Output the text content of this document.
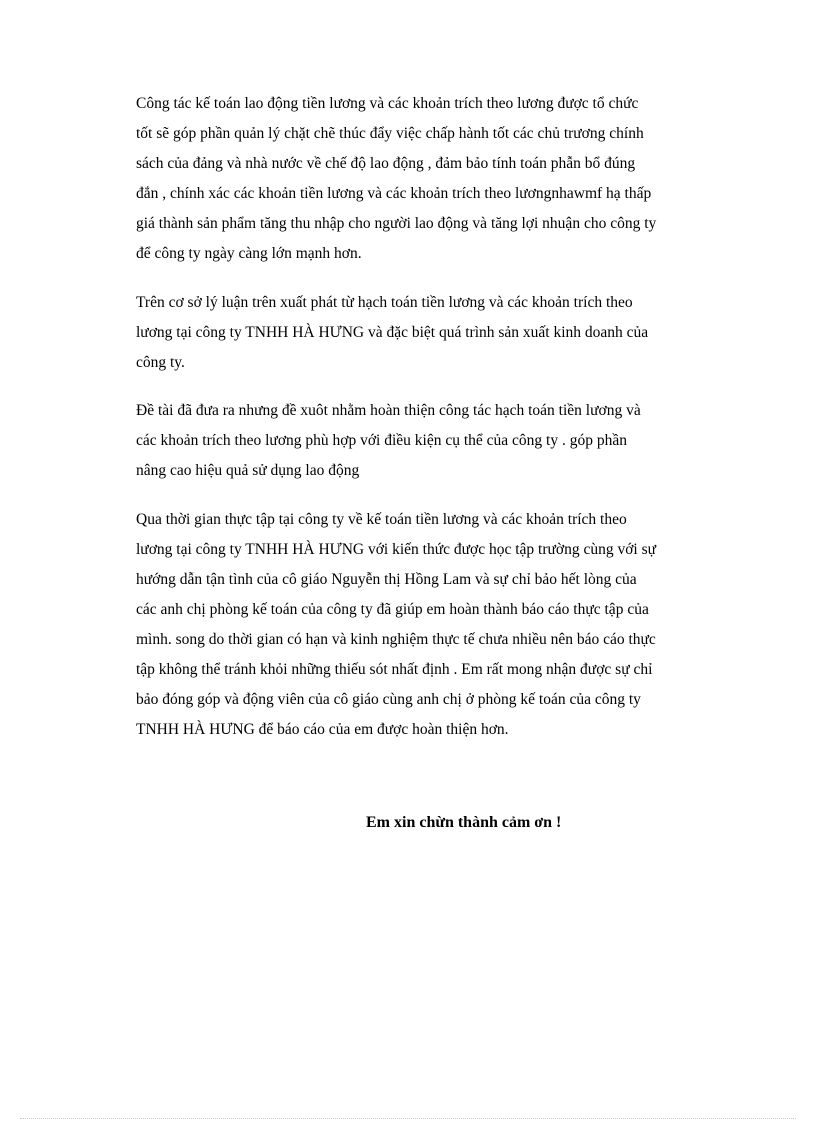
Công tác kế toán lao động tiền lương và các khoản trích theo lương được tổ chức
tốt sẽ góp phần quản lý chặt chẽ thúc đẩy việc chấp hành tốt các chủ trương chính
sách của đảng và nhà nước về chế độ lao động , đảm bảo tính toán phẫn bổ đúng
đắn , chính xác các khoản tiền lương và các khoản trích theo lươngnhawmf hạ thấp
giá thành sản phẩm tăng thu nhập cho người lao động và tăng lợi nhuận cho công ty
để công ty ngày càng lớn mạnh hơn.
Trên cơ sở lý luận trên xuất phát từ hạch toán tiền lương và các khoản trích theo
lương tại công ty TNHH HÀ HƯNG và đặc biệt quá trình sản xuất kinh doanh của
công ty.
Đề tài đã đưa ra nhưng đề xuôt nhằm hoàn thiện công tác hạch toán tiền lương và
các khoản trích theo lương phù hợp với điều kiện cụ thể của công ty . góp phần
nâng cao hiệu quả sử dụng lao động
Qua thời gian thực tập tại công ty về kế toán tiền lương và các khoản trích theo
lương tại công ty TNHH HÀ HƯNG với kiến thức được học tập trường cùng với sự
hướng dẫn tận tình của cô giáo Nguyễn thị Hồng Lam và sự chỉ bảo hết lòng của
các anh chị phòng kế toán của công ty đã giúp em hoàn thành báo cáo thực tập của
mình. song do thời gian có hạn và kinh nghiệm thực tế chưa nhiều nên báo cáo thực
tập không thể tránh khỏi những thiếu sót nhất định . Em rất mong nhận được sự chỉ
bảo đóng góp và động viên của cô giáo cùng anh chị ở phòng kế toán của công ty
TNHH HÀ HƯNG để báo cáo của em được hoàn thiện hơn.
Em xin chừn thành cảm ơn !
